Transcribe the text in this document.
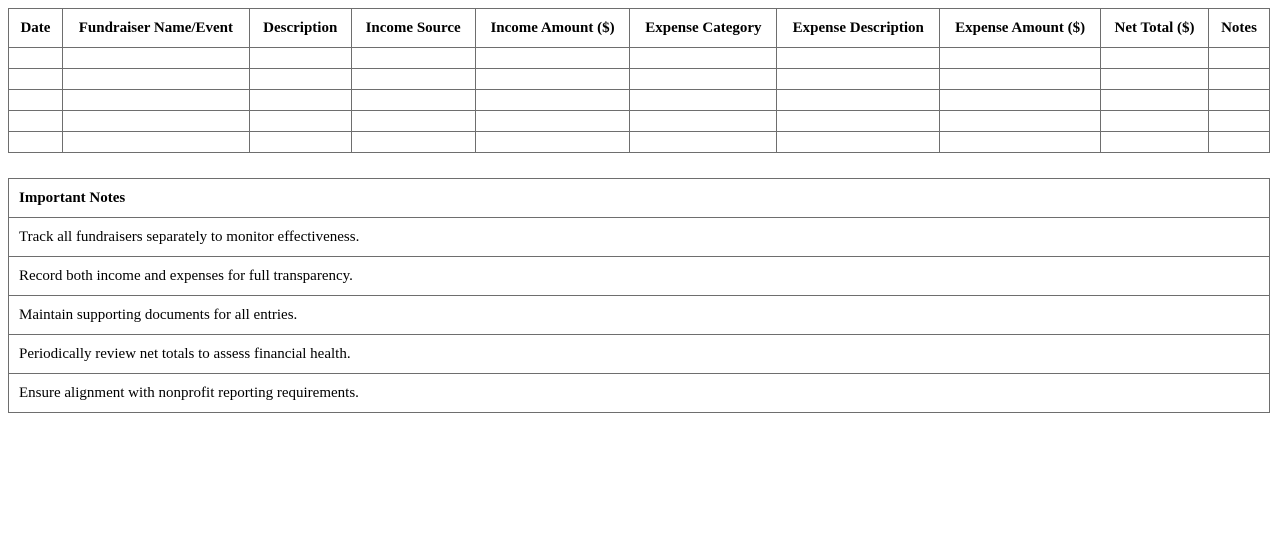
Date	Fundraiser Name/Event	Description	Income Source	Income Amount ($)	Expense Category	Expense Description	Expense Amount ($)	Net Total ($)	Notes

Important Notes
Track all fundraisers separately to monitor effectiveness.
Record both income and expenses for full transparency.
Maintain supporting documents for all entries.
Periodically review net totals to assess financial health.
Ensure alignment with nonprofit reporting requirements.
